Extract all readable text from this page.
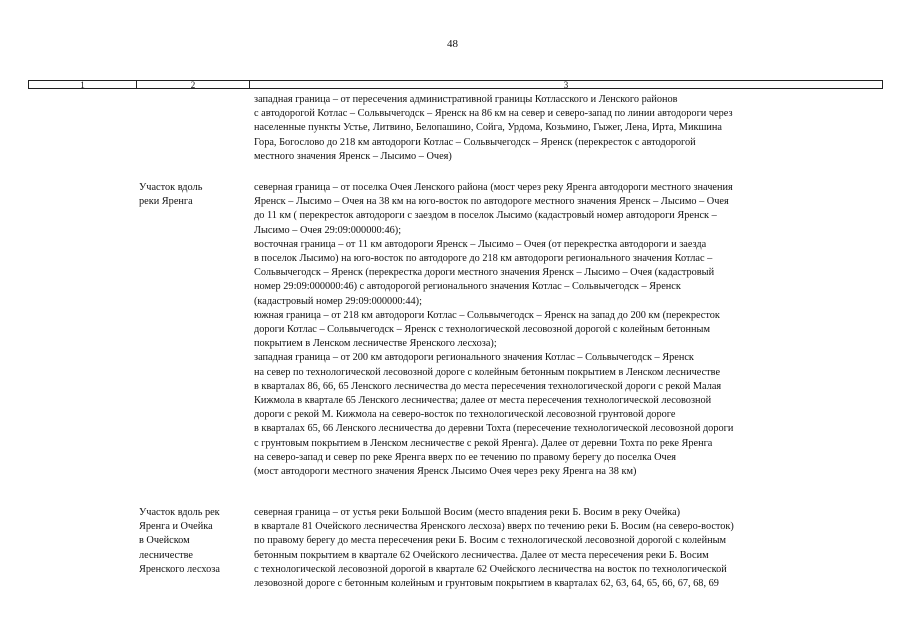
48
1	2	3
западная граница – от пересечения административной границы Котласского и Ленского районов
с автодорогой Котлас – Сольвычегодск – Яренск на 86 км на север и северо-запад по линии автодороги через
населенные пункты Устье, Литвино, Белопашино, Сойга, Урдома, Козьмино, Гыжег, Лена, Ирта, Микшина
Гора, Богослово до 218 км автодороги Котлас – Сольвычегодск – Яренск (перекресток с автодорогой
местного значения Яренск – Лысимо – Очея)
Участок вдоль
реки Яренга
северная граница – от поселка Очея Ленского района (мост через реку Яренга автодороги местного значения
Яренск – Лысимо – Очея на 38 км на юго-восток по автодороге местного значения Яренск – Лысимо – Очея
до 11 км ( перекресток автодороги с заездом в поселок Лысимо (кадастровый номер автодороги Яренск –
Лысимо – Очея 29:09:000000:46);
восточная граница – от 11 км автодороги Яренск – Лысимо – Очея (от перекрестка автодороги и заезда
в поселок Лысимо) на юго-восток по автодороге до 218 км автодороги регионального значения Котлас –
Сольвычегодск – Яренск (перекрестка дороги местного значения Яренск – Лысимо – Очея (кадастровый
номер 29:09:000000:46) с автодорогой регионального значения Котлас – Сольвычегодск – Яренск
(кадастровый номер 29:09:000000:44);
южная граница – от 218 км автодороги Котлас – Сольвычегодск – Яренск на запад до 200 км (перекресток
дороги Котлас – Сольвычегодск – Яренск с технологической лесовозной дорогой с колейным бетонным
покрытием в Ленском лесничестве Яренского лесхоза);
западная граница – от 200 км автодороги регионального значения Котлас – Сольвычегодск – Яренск
на север по технологической лесовозной дороге с колейным бетонным покрытием в Ленском лесничестве
в кварталах 86, 66, 65 Ленского лесничества до места пересечения технологической дороги с рекой Малая
Кижмола в квартале 65 Ленского лесничества; далее от места пересечения технологической лесовозной
дороги с рекой М. Кижмола на северо-восток по технологической лесовозной грунтовой дороге
в кварталах 65, 66 Ленского лесничества до деревни Тохта (пересечение технологической лесовозной дороги
с грунтовым покрытием в Ленском лесничестве с рекой Яренга). Далее от деревни Тохта по реке Яренга
на северо-запад и север по реке Яренга вверх по ее течению по правому берегу до поселка Очея
(мост автодороги местного значения Яренск Лысимо Очея через реку Яренга на 38 км)
Участок вдоль рек
Яренга и Очейка
в Очейском
лесничестве
Яренского лесхоза
северная граница – от устья реки Большой Восим (место впадения реки Б. Восим в реку Очейка)
в квартале 81 Очейского лесничества Яренского лесхоза) вверх по течению реки Б. Восим (на северо-восток)
по правому берегу до места пересечения реки Б. Восим с технологической лесовозной дорогой с колейным
бетонным покрытием в квартале 62 Очейского лесничества. Далее от места пересечения реки Б. Восим
с технологической лесовозной дорогой в квартале 62 Очейского лесничества на восток по технологической
лезовозной дороге с бетонным колейным и грунтовым покрытием в кварталах 62, 63, 64, 65, 66, 67, 68, 69
